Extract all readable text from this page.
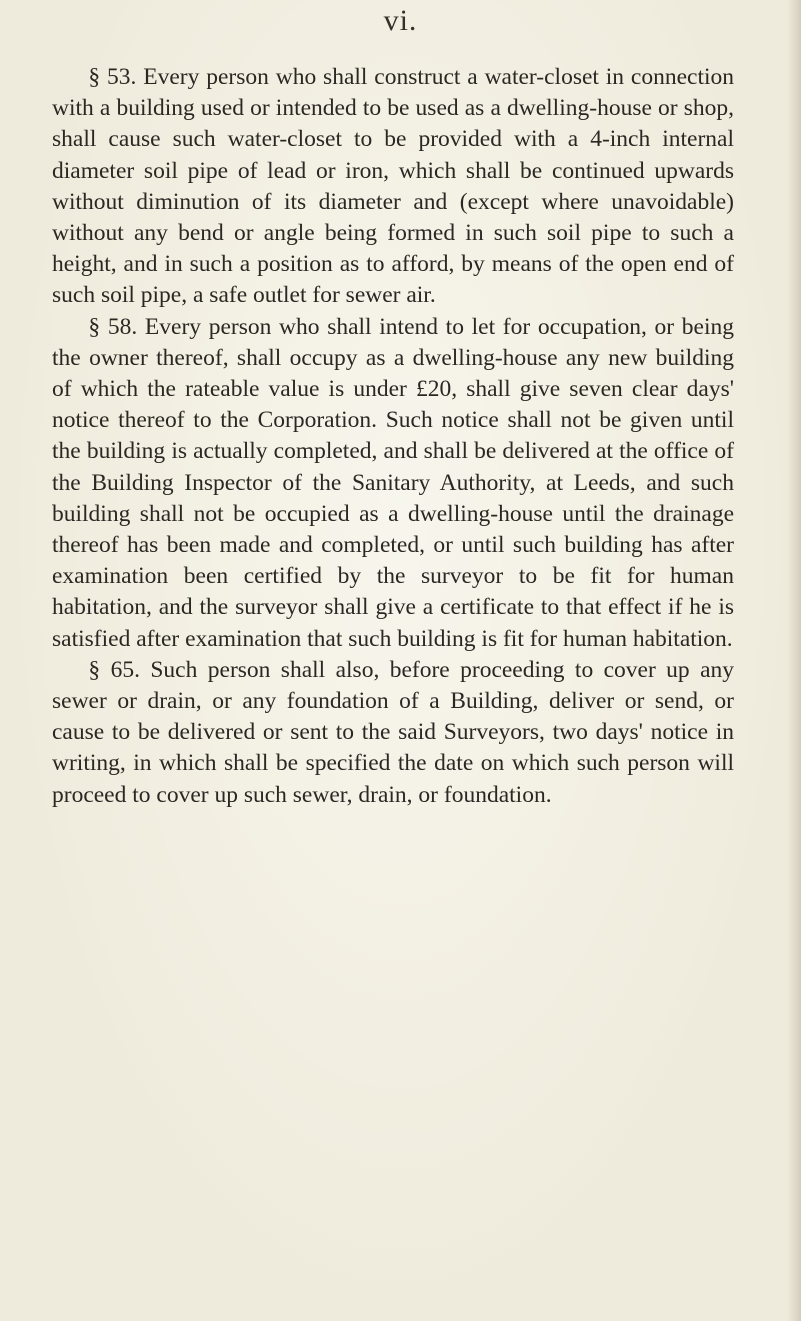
vi.

§ 53. Every person who shall construct a water-closet in connection with a building used or intended to be used as a dwelling-house or shop, shall cause such water-closet to be provided with a 4-inch internal diameter soil pipe of lead or iron, which shall be continued upwards without diminution of its diameter and (except where unavoidable) without any bend or angle being formed in such soil pipe to such a height, and in such a position as to afford, by means of the open end of such soil pipe, a safe outlet for sewer air.

§ 58. Every person who shall intend to let for occupation, or being the owner thereof, shall occupy as a dwelling-house any new building of which the rateable value is under £20, shall give seven clear days' notice thereof to the Corporation. Such notice shall not be given until the building is actually completed, and shall be delivered at the office of the Building Inspector of the Sanitary Authority, at Leeds, and such building shall not be occupied as a dwelling-house until the drainage thereof has been made and completed, or until such building has after examination been certified by the surveyor to be fit for human habitation, and the surveyor shall give a certificate to that effect if he is satisfied after examination that such building is fit for human habitation.

§ 65. Such person shall also, before proceeding to cover up any sewer or drain, or any foundation of a Building, deliver or send, or cause to be delivered or sent to the said Surveyors, two days' notice in writing, in which shall be specified the date on which such person will proceed to cover up such sewer, drain, or foundation.
